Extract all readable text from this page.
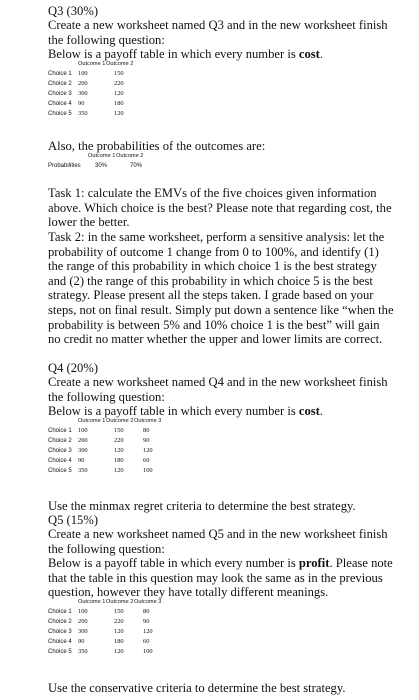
Q3 (30%)

Create a new worksheet named Q3 and in the new worksheet finish the following question:

Below is a payoff table in which every number is cost.

Outcome 1 Outcome 2
Choice 1 100	150
Choice 2 200	220
Choice 3 300	120
Choice 4 90	180
Choice 5 350	120

Also, the probabilities of the outcomes are:

Outcome 1 Outcome 2
Probabilities 30%	70%

Task 1: calculate the EMVs of the five choices given information above. Which choice is the best? Please note that regarding cost, the lower the better.

Task 2: in the same worksheet, perform a sensitive analysis: let the probability of outcome 1 change from 0 to 100%, and identify (1) the range of this probability in which choice 1 is the best strategy and (2) the range of this probability in which choice 5 is the best strategy. Please present all the steps taken. I grade based on your steps, not on final result. Simply put down a sentence like “when the probability is between 5% and 10% choice 1 is the best” will gain no credit no matter whether the upper and lower limits are correct.

Q4 (20%)

Create a new worksheet named Q4 and in the new worksheet finish the following question:

Below is a payoff table in which every number is cost.

Outcome 1 Outcome 2 Outcome 3
Choice 1 100	150	80
Choice 2 200	220	90
Choice 3 300	120	120
Choice 4 90	180	60
Choice 5 350	120	100

Use the minmax regret criteria to determine the best strategy.

Q5 (15%)

Create a new worksheet named Q5 and in the new worksheet finish the following question:

Below is a payoff table in which every number is profit. Please note that the table in this question may look the same as in the previous question, however they have totally different meanings.

Outcome 1 Outcome 2 Outcome 3
Choice 1 100	150	80
Choice 2 200	220	90
Choice 3 300	120	120
Choice 4 90	180	60
Choice 5 350	120	100

Use the conservative criteria to determine the best strategy.
